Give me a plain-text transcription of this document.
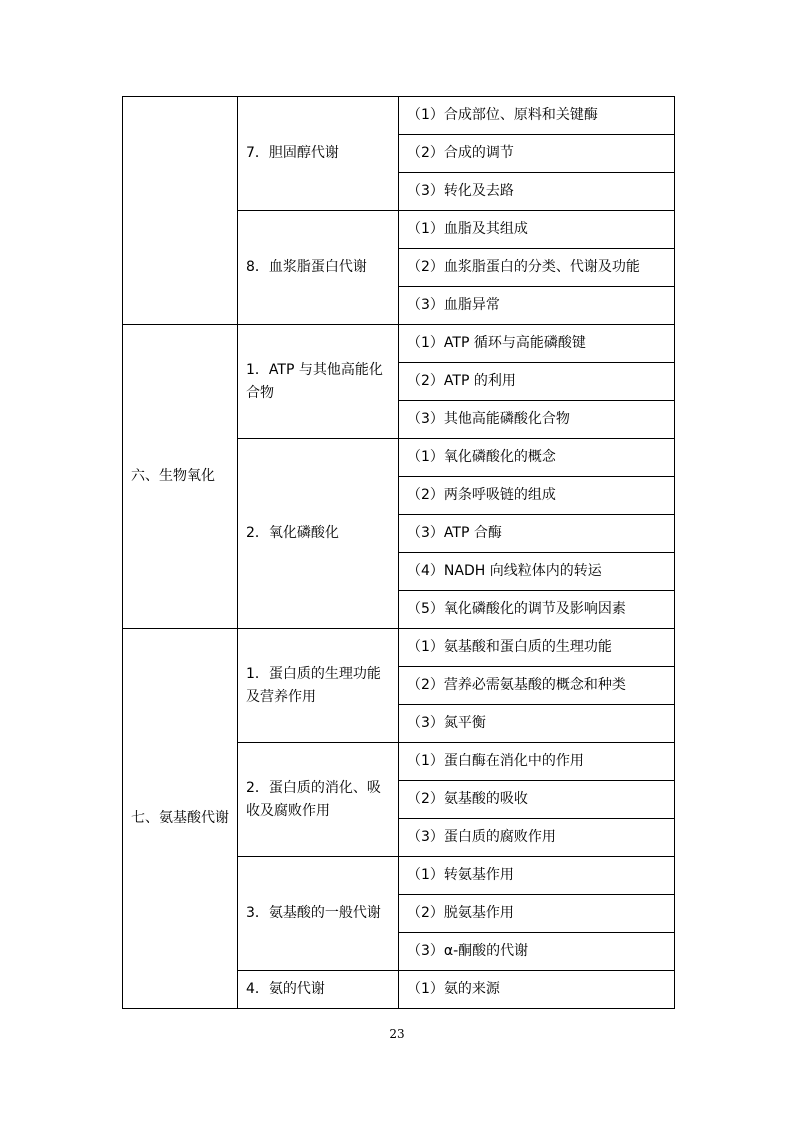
	7．胆固醇代谢	（1）合成部位、原料和关键酶
		（2）合成的调节
		（3）转化及去路
	8．血浆脂蛋白代谢	（1）血脂及其组成
		（2）血浆脂蛋白的分类、代谢及功能
		（3）血脂异常
六、生物氧化	1．ATP 与其他高能化合物	（1）ATP 循环与高能磷酸键
		（2）ATP 的利用
		（3）其他高能磷酸化合物
	2．氧化磷酸化	（1）氧化磷酸化的概念
		（2）两条呼吸链的组成
		（3）ATP 合酶
		（4）NADH 向线粒体内的转运
		（5）氧化磷酸化的调节及影响因素
七、氨基酸代谢	1．蛋白质的生理功能及营养作用	（1）氨基酸和蛋白质的生理功能
		（2）营养必需氨基酸的概念和种类
		（3）氮平衡
	2．蛋白质的消化、吸收及腐败作用	（1）蛋白酶在消化中的作用
		（2）氨基酸的吸收
		（3）蛋白质的腐败作用
	3．氨基酸的一般代谢	（1）转氨基作用
		（2）脱氨基作用
		（3）α-酮酸的代谢
	4．氨的代谢	（1）氨的来源
23
